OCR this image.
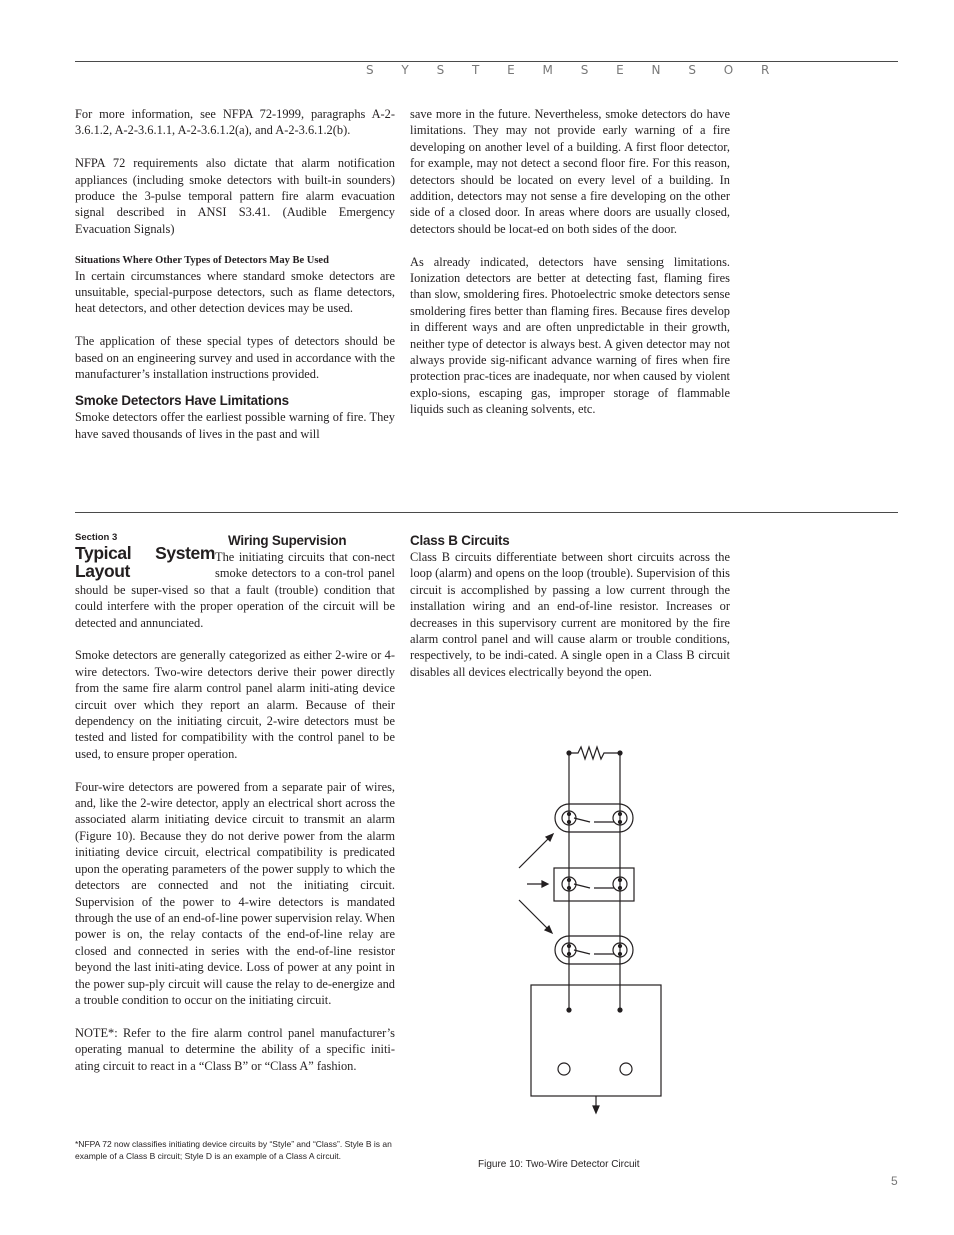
S Y S T E M S E N S O R

For more information, see NFPA 72-1999, paragraphs A-2-3.6.1.2, A-2-3.6.1.1, A-2-3.6.1.2(a), and A-2-3.6.1.2(b).

NFPA 72 requirements also dictate that alarm notification appliances (including smoke detectors with built-in sounders) produce the 3-pulse temporal pattern fire alarm evacuation signal described in ANSI S3.41. (Audible Emergency Evacuation Signals)

Situations Where Other Types of Detectors May Be Used

In certain circumstances where standard smoke detectors are unsuitable, special-purpose detectors, such as flame detectors, heat detectors, and other detection devices may be used.

The application of these special types of detectors should be based on an engineering survey and used in accordance with the manufacturer’s installation instructions provided.

Smoke Detectors Have Limitations

Smoke detectors offer the earliest possible warning of fire. They have saved thousands of lives in the past and will

save more in the future. Nevertheless, smoke detectors do have limitations. They may not provide early warning of a fire developing on another level of a building. A first floor detector, for example, may not detect a second floor fire. For this reason, detectors should be located on every level of a building. In addition, detectors may not sense a fire developing on the other side of a closed door. In areas where doors are usually closed, detectors should be locat-ed on both sides of the door.

As already indicated, detectors have sensing limitations. Ionization detectors are better at detecting fast, flaming fires than slow, smoldering fires. Photoelectric smoke detectors sense smoldering fires better than flaming fires. Because fires develop in different ways and are often unpredictable in their growth, neither type of detector is always best. A given detector may not always provide sig-nificant advance warning of fires when fire protection prac-tices are inadequate, nor when caused by violent explo-sions, escaping gas, improper storage of flammable liquids such as cleaning solvents, etc.

Wiring Supervision
Section 3
Typical System Layout

The initiating circuits that con-nect smoke detectors to a con-trol panel should be super-vised so that a fault (trouble) condition that could interfere with the proper operation of the circuit will be detected and annunciated.

Smoke detectors are generally categorized as either 2-wire or 4-wire detectors. Two-wire detectors derive their power directly from the same fire alarm control panel alarm initi-ating device circuit over which they report an alarm. Because of their dependency on the initiating circuit, 2-wire detectors must be tested and listed for compatibility with the control panel to be used, to ensure proper operation.

Four-wire detectors are powered from a separate pair of wires, and, like the 2-wire detector, apply an electrical short across the associated alarm initiating device circuit to transmit an alarm (Figure 10). Because they do not derive power from the alarm initiating device circuit, electrical compatibility is predicated upon the operating parameters of the power supply to which the detectors are connected and not the initiating circuit. Supervision of the power to 4-wire detectors is mandated through the use of an end-of-line power supervision relay. When power is on, the relay contacts of the end-of-line relay are closed and connected in series with the end-of-line resistor beyond the last initi-ating device. Loss of power at any point in the power sup-ply circuit will cause the relay to de-energize and a trouble condition to occur on the initiating circuit.

NOTE*: Refer to the fire alarm control panel manufacturer’s operating manual to determine the ability of a specific initi-ating circuit to react in a “Class B” or “Class A” fashion.

Class B Circuits

Class B circuits differentiate between short circuits across the loop (alarm) and opens on the loop (trouble). Supervision of this circuit is accomplished by passing a low current through the installation wiring and an end-of-line resistor. Increases or decreases in this supervisory current are monitored by the fire alarm control panel and will cause alarm or trouble conditions, respectively, to be indi-cated. A single open in a Class B circuit disables all devices electrically beyond the open.

*NFPA 72 now classifies initiating device circuits by “Style” and “Class”. Style B is an example of a Class B circuit; Style D is an example of a Class A circuit.
Figure 10: Two-Wire Detector Circuit
5
